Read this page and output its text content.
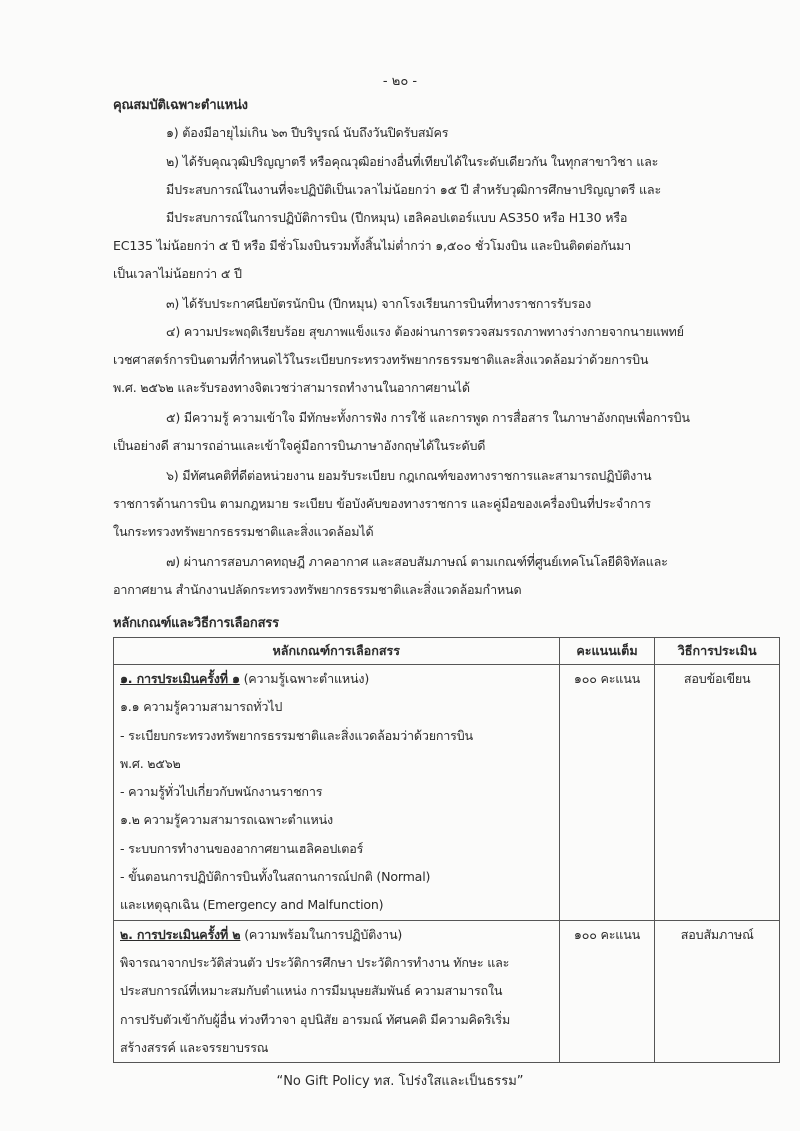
- ๒๐ -
คุณสมบัติเฉพาะตำแหน่ง
๑) ต้องมีอายุไม่เกิน ๖๓ ปีบริบูรณ์ นับถึงวันปิดรับสมัคร
๒) ได้รับคุณวุฒิปริญญาตรี หรือคุณวุฒิอย่างอื่นที่เทียบได้ในระดับเดียวกัน ในทุกสาขาวิชา และ
มีประสบการณ์ในงานที่จะปฏิบัติเป็นเวลาไม่น้อยกว่า ๑๕ ปี สำหรับวุฒิการศึกษาปริญญาตรี และ
มีประสบการณ์ในการปฏิบัติการบิน (ปีกหมุน) เฮลิคอปเตอร์แบบ AS350 หรือ H130 หรือ
EC135 ไม่น้อยกว่า ๕ ปี หรือ มีชั่วโมงบินรวมทั้งสิ้นไม่ต่ำกว่า ๑,๕๐๐ ชั่วโมงบิน และบินติดต่อกันมา
เป็นเวลาไม่น้อยกว่า ๕ ปี
๓) ได้รับประกาศนียบัตรนักบิน (ปีกหมุน) จากโรงเรียนการบินที่ทางราชการรับรอง
๔) ความประพฤติเรียบร้อย สุขภาพแข็งแรง ต้องผ่านการตรวจสมรรถภาพทางร่างกายจากนายแพทย์
เวชศาสตร์การบินตามที่กำหนดไว้ในระเบียบกระทรวงทรัพยากรธรรมชาติและสิ่งแวดล้อมว่าด้วยการบิน
พ.ศ. ๒๕๖๒ และรับรองทางจิตเวชว่าสามารถทำงานในอากาศยานได้
๕) มีความรู้ ความเข้าใจ มีทักษะทั้งการฟัง การใช้ และการพูด การสื่อสาร ในภาษาอังกฤษเพื่อการบิน
เป็นอย่างดี สามารถอ่านและเข้าใจคู่มือการบินภาษาอังกฤษได้ในระดับดี
๖) มีทัศนคติที่ดีต่อหน่วยงาน ยอมรับระเบียบ กฎเกณฑ์ของทางราชการและสามารถปฏิบัติงาน
ราชการด้านการบิน ตามกฎหมาย ระเบียบ ข้อบังคับของทางราชการ และคู่มือของเครื่องบินที่ประจำการ
ในกระทรวงทรัพยากรธรรมชาติและสิ่งแวดล้อมได้
๗) ผ่านการสอบภาคทฤษฎี ภาคอากาศ และสอบสัมภาษณ์ ตามเกณฑ์ที่ศูนย์เทคโนโลยีดิจิทัลและ
อากาศยาน สำนักงานปลัดกระทรวงทรัพยากรธรรมชาติและสิ่งแวดล้อมกำหนด
หลักเกณฑ์และวิธีการเลือกสรร
หลักเกณฑ์การเลือกสรร	คะแนนเต็ม	วิธีการประเมิน

๑. การประเมินครั้งที่ ๑ (ความรู้เฉพาะตำแหน่ง)
๑.๑ ความรู้ความสามารถทั่วไป
- ระเบียบกระทรวงทรัพยากรธรรมชาติและสิ่งแวดล้อมว่าด้วยการบิน
พ.ศ. ๒๕๖๒
- ความรู้ทั่วไปเกี่ยวกับพนักงานราชการ
๑.๒ ความรู้ความสามารถเฉพาะตำแหน่ง
- ระบบการทำงานของอากาศยานเฮลิคอปเตอร์
- ขั้นตอนการปฏิบัติการบินทั้งในสถานการณ์ปกติ (Normal)
และเหตุฉุกเฉิน (Emergency and Malfunction)

๑๐๐ คะแนน	สอบข้อเขียน

๒. การประเมินครั้งที่ ๒ (ความพร้อมในการปฏิบัติงาน)
พิจารณาจากประวัติส่วนตัว ประวัติการศึกษา ประวัติการทำงาน ทักษะ และ
ประสบการณ์ที่เหมาะสมกับตำแหน่ง การมีมนุษยสัมพันธ์ ความสามารถใน
การปรับตัวเข้ากับผู้อื่น ท่วงทีวาจา อุปนิสัย อารมณ์ ทัศนคติ มีความคิดริเริ่ม
สร้างสรรค์ และจรรยาบรรณ	๑๐๐ คะแนน	สอบสัมภาษณ์
“No Gift Policy ทส. โปร่งใสและเป็นธรรม”
